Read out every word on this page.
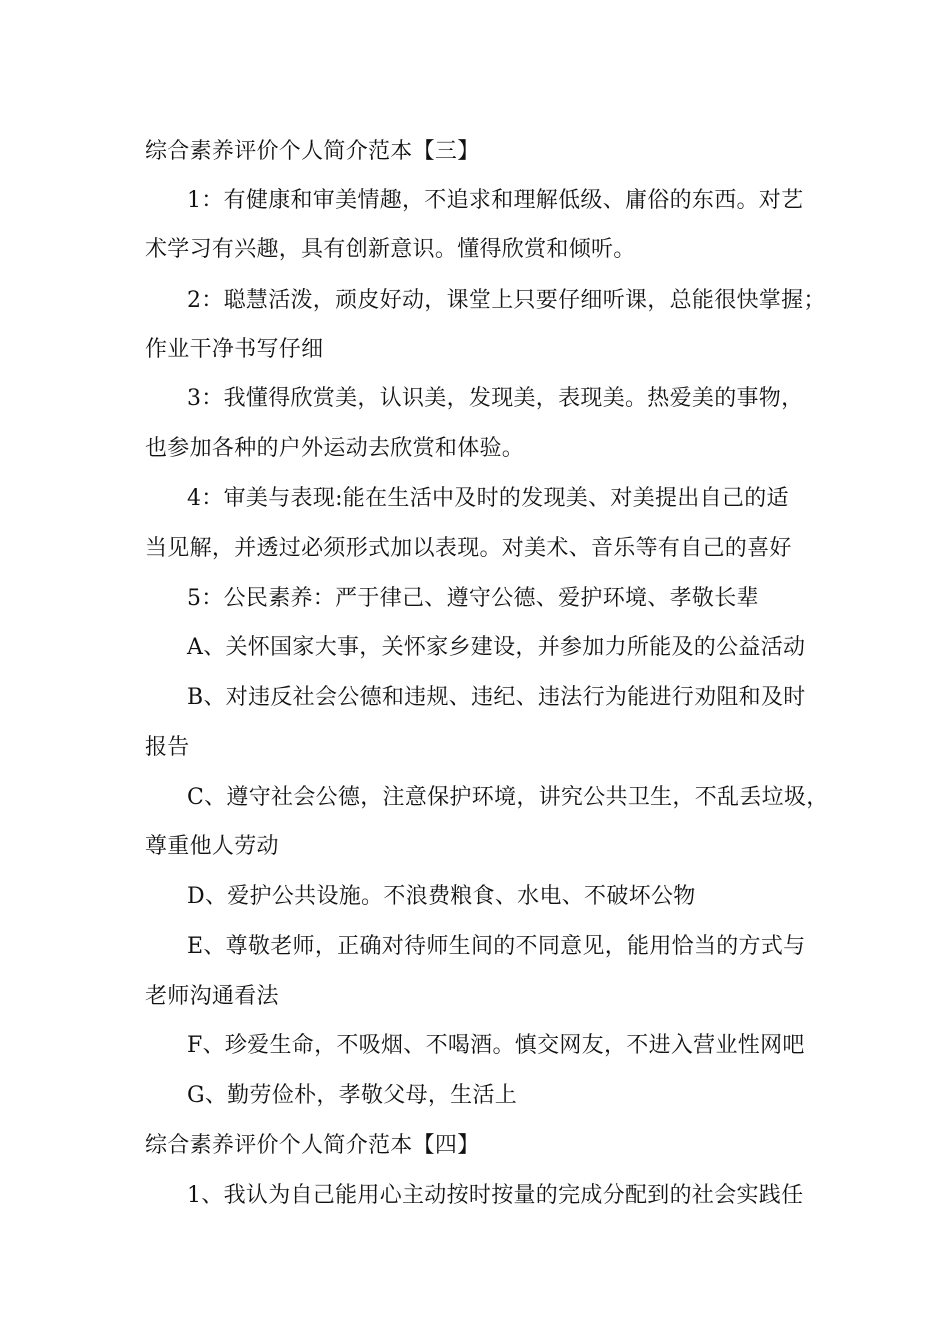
综合素养评价个人简介范本【三】
1：有健康和审美情趣，不追求和理解低级、庸俗的东西。对艺
术学习有兴趣，具有创新意识。懂得欣赏和倾听。
2：聪慧活泼，顽皮好动，课堂上只要仔细听课，总能很快掌握；
作业干净书写仔细
3：我懂得欣赏美，认识美，发现美，表现美。热爱美的事物，
也参加各种的户外运动去欣赏和体验。
4：审美与表现:能在生活中及时的发现美、对美提出自己的适
当见解，并透过必须形式加以表现。对美术、音乐等有自己的喜好
5：公民素养：严于律己、遵守公德、爱护环境、孝敬长辈
A、关怀国家大事，关怀家乡建设，并参加力所能及的公益活动
B、对违反社会公德和违规、违纪、违法行为能进行劝阻和及时
报告
C、遵守社会公德，注意保护环境，讲究公共卫生，不乱丢垃圾，
尊重他人劳动
D、爱护公共设施。不浪费粮食、水电、不破坏公物
E、尊敬老师，正确对待师生间的不同意见，能用恰当的方式与
老师沟通看法
F、珍爱生命，不吸烟、不喝酒。慎交网友，不进入营业性网吧
G、勤劳俭朴，孝敬父母，生活上
综合素养评价个人简介范本【四】
1、我认为自己能用心主动按时按量的完成分配到的社会实践任
